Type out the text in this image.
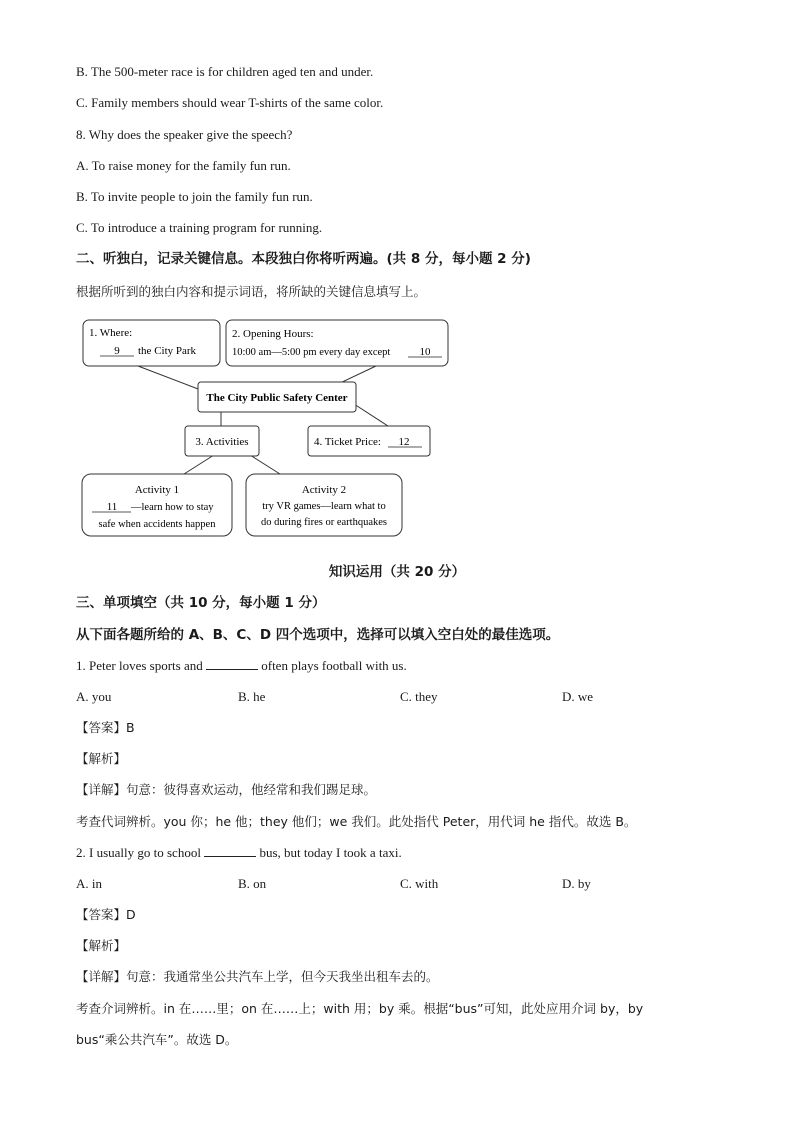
B. The 500-meter race is for children aged ten and under.
C. Family members should wear T-shirts of the same color.
8. Why does the speaker give the speech?
A. To raise money for the family fun run.
B. To invite people to join the family fun run.
C. To introduce a training program for running.
二、听独白，记录关键信息。本段独白你将听两遍。(共 8 分，每小题 2 分)
根据所听到的独白内容和提示词语，将所缺的关键信息填写上。
1. Where:
9 the City Park
2. Opening Hours:
10:00 am—5:00 pm every day except	10
The City Public Safety Center
3. Activities	4. Ticket Price: 12
Activity 1
11 —learn how to stay
safe when accidents happen
Activity 2
try VR games—learn what to
do during fires or earthquakes
知识运用（共 20 分）
三、单项填空（共 10 分，每小题 1 分）
从下面各题所给的 A、B、C、D 四个选项中，选择可以填入空白处的最佳选项。
1. Peter loves sports and	often plays football with us.
A. you	B. he	C. they	D. we
【答案】B
【解析】
【详解】句意：彼得喜欢运动，他经常和我们踢足球。
考查代词辨析。you 你；he 他；they 他们；we 我们。此处指代 Peter，用代词 he 指代。故选 B。
2. I usually go to school	bus, but today I took a taxi.
A. in	B. on	C. with	D. by
【答案】D
【解析】
【详解】句意：我通常坐公共汽车上学，但今天我坐出租车去的。
考查介词辨析。in 在……里；on 在……上；with 用；by 乘。根据“bus”可知，此处应用介词 by，by
bus“乘公共汽车”。故选 D。
